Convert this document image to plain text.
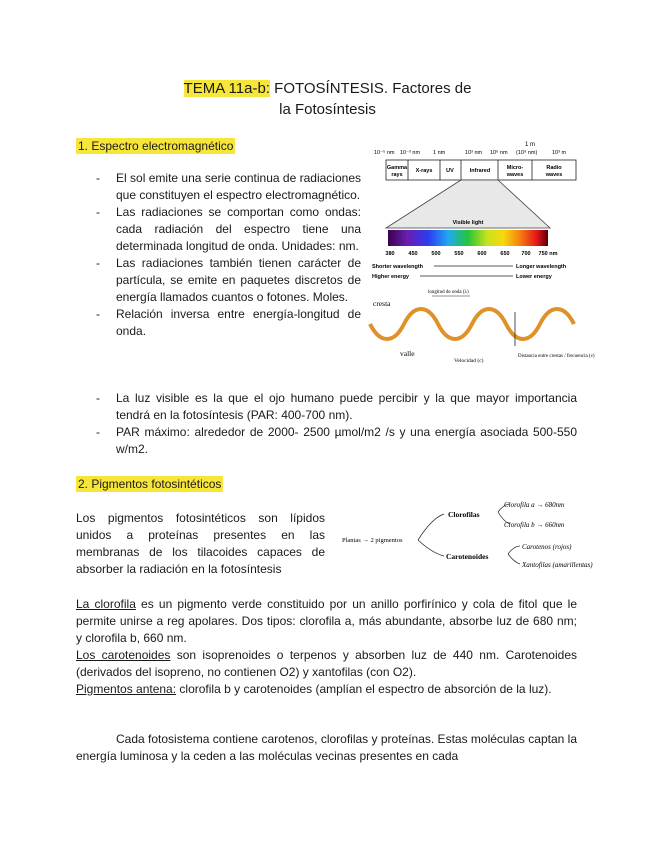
TEMA 11a-b: FOTOSÍNTESIS. Factores de
la Fotosíntesis
1. Espectro electromagnético
- El sol emite una serie continua de radiaciones que constituyen el espectro electromagnético.
- Las radiaciones se comportan como ondas: cada radiación del espectro tiene una determinada longitud de onda. Unidades: nm.
- Las radiaciones también tienen carácter de partícula, se emite en paquetes discretos de energía llamados cuantos o fotones. Moles.
- Relación inversa entre energía-longitud de onda.
- La luz visible es la que el ojo humano puede percibir y la que mayor importancia tendrá en la fotosíntesis (PAR: 400-700 nm).
- PAR máximo: alrededor de 2000- 2500 µmol/m2 /s y una energía asociada 500-550 w/m2.
1 m
10⁻⁵ nm 10⁻³ nm 1 nm	10³ nm 10⁶ nm (10⁹ nm)	10³ m
Gamma
rays
X-rays	UV	Infrared	Micro-
waves
Radio
waves
Visible light
380	450	500	550	600	650 700 750 nm
Shorter wavelength
Higher energy
Longer wavelength
Lower energy
cresta
valle
longitud de onda (λ)
Velocidad (c)
Distancia entre crestas / frecuencia (ν)
2. Pigmentos fotosintéticos
Los pigmentos fotosintéticos son lípidos unidos a proteínas presentes en las membranas de los tilacoides capaces de absorber la radiación en la fotosíntesis
Plantas → 2 pigmentos
Clorofilas
Carotenoides
Clorofila a → 680nm
Clorofila b → 660nm
Carotenos (rojos)
Xantofilas (amarillentas)
La clorofila es un pigmento verde constituido por un anillo porfirínico y cola de fitol que le permite unirse a reg apolares. Dos tipos: clorofila a, más abundante, absorbe luz de 680 nm; y clorofila b, 660 nm.
Los carotenoides son isoprenoides o terpenos y absorben luz de 440 nm. Carotenoides (derivados del isopreno, no contienen O2) y xantofilas (con O2).
Pigmentos antena: clorofila b y carotenoides (amplían el espectro de absorción de la luz).
Cada fotosistema contiene carotenos, clorofilas y proteínas. Estas moléculas captan la energía luminosa y la ceden a las moléculas vecinas presentes en cada
